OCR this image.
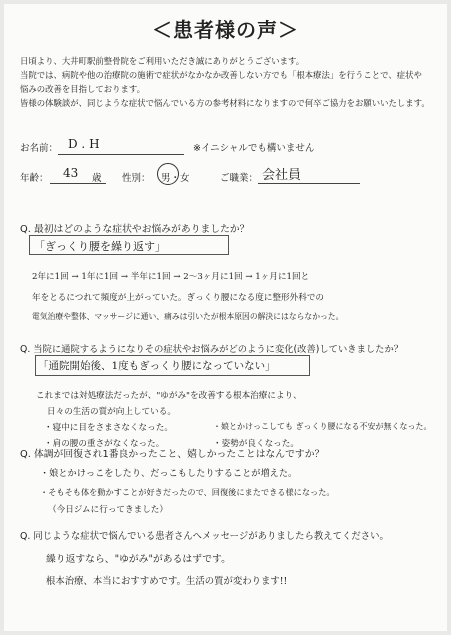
＜患者様の声＞
日頃より、大井町駅前整骨院をご利用いただき誠にありがとうございます。
当院では、病院や他の治療院の施術で症状がなかなか改善しない方でも「根本療法」を行うことで、症状や
悩みの改善を目指しております。
皆様の体験談が、同じような症状で悩んでいる方の参考材料になりますので何卒ご協力をお願いいたします。
お名前： D . H	※イニシャルでも構いません
年齢： 43 歳 性別： 男・女	ご職業： 会社員
Q. 最初はどのような症状やお悩みがありましたか？
「ぎっくり腰を繰り返す」
2年に1回 → 1年に1回 → 半年に1回 → 2〜3ヶ月に1回 → 1ヶ月に1回と
年をとるにつれて頻度が上がっていた。ぎっくり腰になる度に整形外科での
電気治療や整体、マッサージに通い、痛みは引いたが根本原因の解決にはならなかった。
Q. 当院に通院するようになりその症状やお悩みがどのように変化(改善)していきましたか？
「通院開始後、1度もぎっくり腰になっていない」
これまでは対処療法だったが、"ゆがみ"を改善する根本治療により、
日々の生活の質が向上している。
・寝中に目をさまさなくなった。	・娘とかけっこしても ぎっくり腰になる不安が無くなった。
・肩の腰の重さがなくなった。	・姿勢が良くなった。
Q. 体調が回復され1番良かったこと、嬉しかったことはなんですか？
・娘とかけっこをしたり、だっこもしたりすることが増えた。
・そもそも体を動かすことが好きだったので、回復後にまたできる様になった。
（今日ジムに行ってきました）
Q. 同じような症状で悩んでいる患者さんへメッセージがありましたら教えてください。
繰り返すなら、"ゆがみ"があるはずです。
根本治療、本当におすすめです。生活の質が変わります!!
